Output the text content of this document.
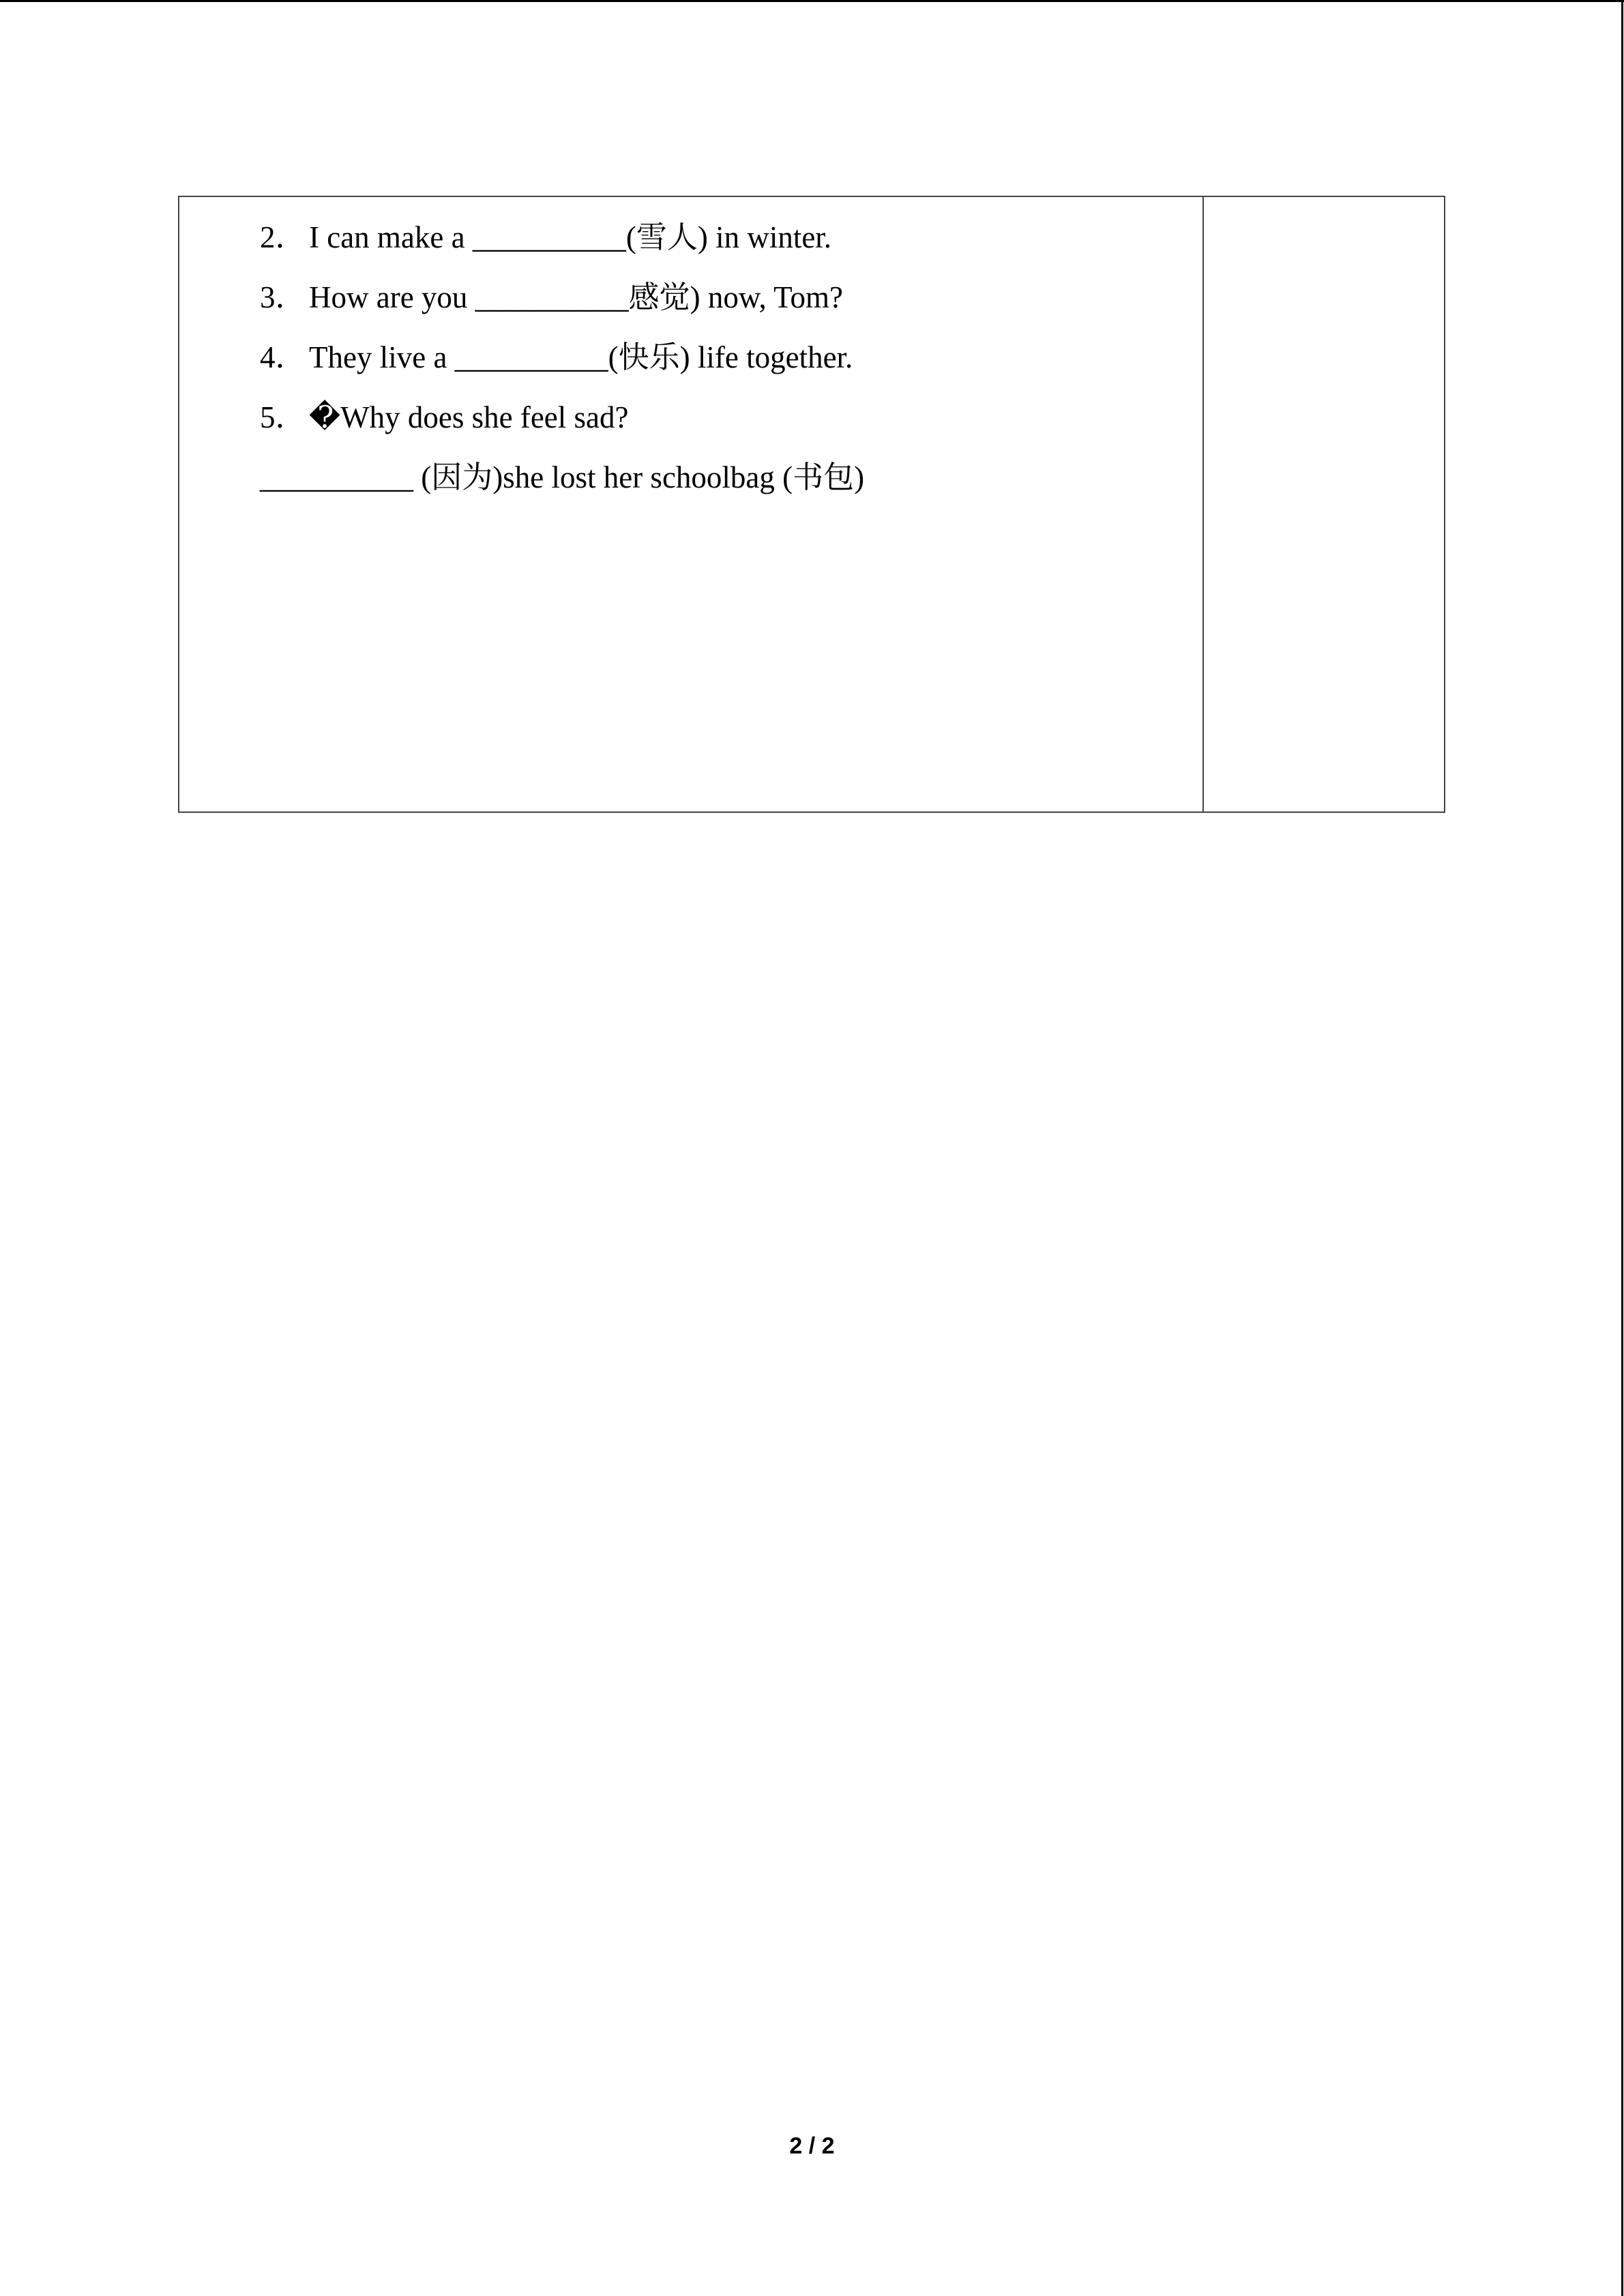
2．I can make a __________(雪人) in winter.
3．How are you __________感觉) now, Tom?
4．They live a __________(快乐) life together.
5．�Why does she feel sad?
__________ (因为)she lost her schoolbag (书包)
2 / 2
